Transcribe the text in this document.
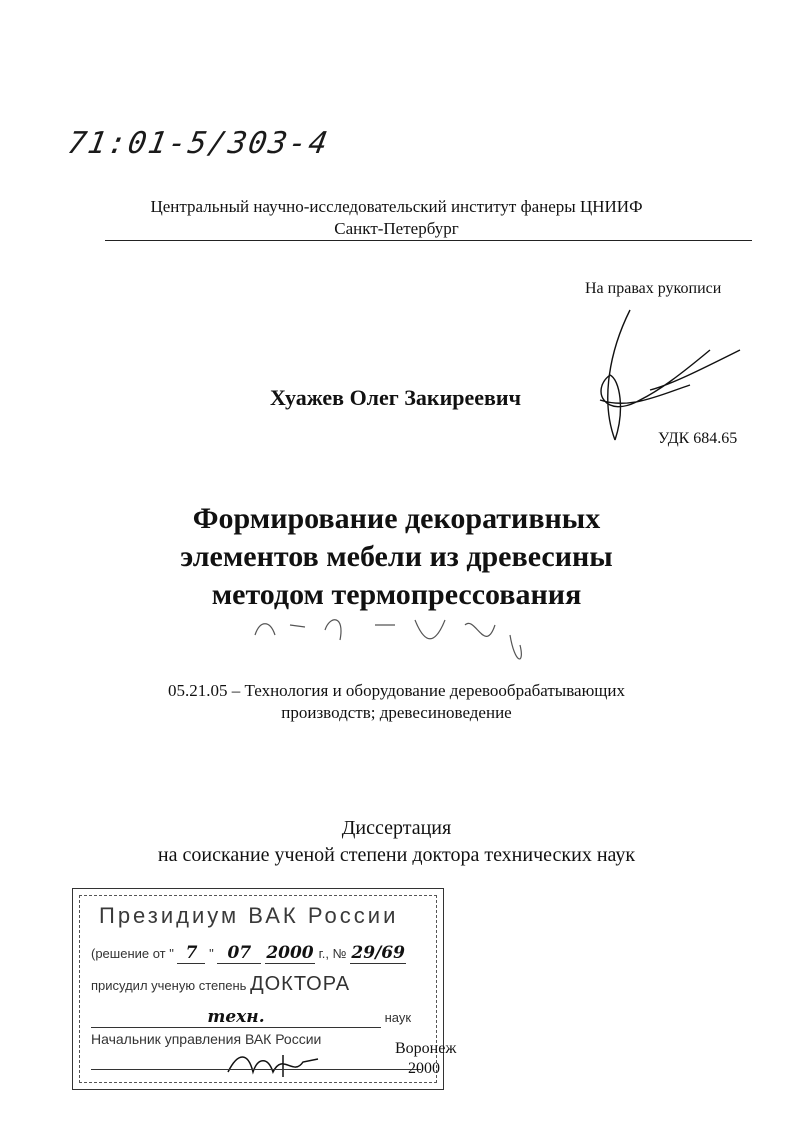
71:01-5/303-4
Центральный научно-исследовательский институт фанеры ЦНИИФ
Санкт-Петербург
На правах рукописи
Хуажев Олег Закиреевич
УДК 684.65
Формирование декоративных
элементов мебели из древесины
методом термопрессования
05.21.05 – Технология и оборудование деревообрабатывающих
производств; древесиноведение
Диссертация
на соискание ученой степени доктора технических наук
Президиум ВАК России
(решение от " 7 " 07 2000 г., № 29/69
присудил ученую степень ДОКТОРА
техн.	наук
Начальник управления ВАК России
Воронеж
2000
